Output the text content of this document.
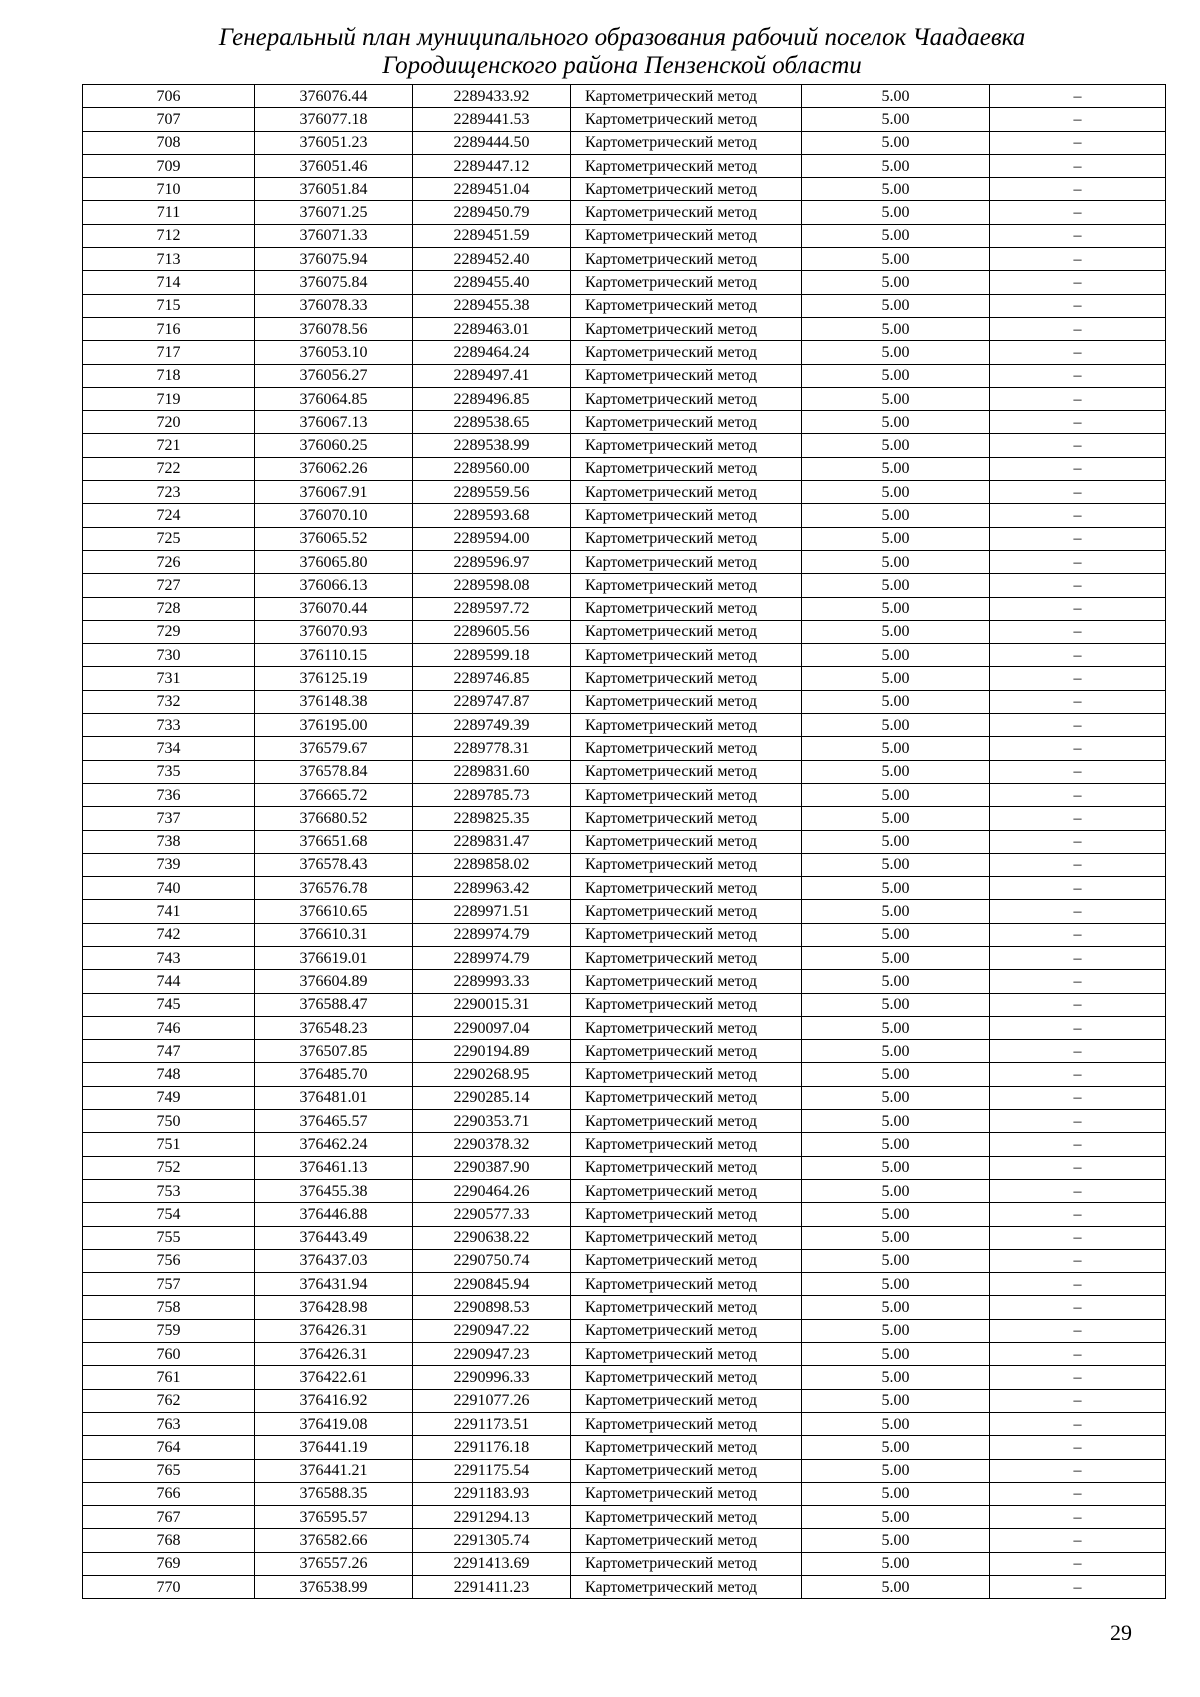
Генеральный план муниципального образования рабочий поселок Чаадаевка
Городищенского района Пензенской области
706	376076.44	2289433.92	Картометрический метод	5.00	–
707	376077.18	2289441.53	Картометрический метод	5.00	–
708	376051.23	2289444.50	Картометрический метод	5.00	–
709	376051.46	2289447.12	Картометрический метод	5.00	–
710	376051.84	2289451.04	Картометрический метод	5.00	–
711	376071.25	2289450.79	Картометрический метод	5.00	–
712	376071.33	2289451.59	Картометрический метод	5.00	–
713	376075.94	2289452.40	Картометрический метод	5.00	–
714	376075.84	2289455.40	Картометрический метод	5.00	–
715	376078.33	2289455.38	Картометрический метод	5.00	–
716	376078.56	2289463.01	Картометрический метод	5.00	–
717	376053.10	2289464.24	Картометрический метод	5.00	–
718	376056.27	2289497.41	Картометрический метод	5.00	–
719	376064.85	2289496.85	Картометрический метод	5.00	–
720	376067.13	2289538.65	Картометрический метод	5.00	–
721	376060.25	2289538.99	Картометрический метод	5.00	–
722	376062.26	2289560.00	Картометрический метод	5.00	–
723	376067.91	2289559.56	Картометрический метод	5.00	–
724	376070.10	2289593.68	Картометрический метод	5.00	–
725	376065.52	2289594.00	Картометрический метод	5.00	–
726	376065.80	2289596.97	Картометрический метод	5.00	–
727	376066.13	2289598.08	Картометрический метод	5.00	–
728	376070.44	2289597.72	Картометрический метод	5.00	–
729	376070.93	2289605.56	Картометрический метод	5.00	–
730	376110.15	2289599.18	Картометрический метод	5.00	–
731	376125.19	2289746.85	Картометрический метод	5.00	–
732	376148.38	2289747.87	Картометрический метод	5.00	–
733	376195.00	2289749.39	Картометрический метод	5.00	–
734	376579.67	2289778.31	Картометрический метод	5.00	–
735	376578.84	2289831.60	Картометрический метод	5.00	–
736	376665.72	2289785.73	Картометрический метод	5.00	–
737	376680.52	2289825.35	Картометрический метод	5.00	–
738	376651.68	2289831.47	Картометрический метод	5.00	–
739	376578.43	2289858.02	Картометрический метод	5.00	–
740	376576.78	2289963.42	Картометрический метод	5.00	–
741	376610.65	2289971.51	Картометрический метод	5.00	–
742	376610.31	2289974.79	Картометрический метод	5.00	–
743	376619.01	2289974.79	Картометрический метод	5.00	–
744	376604.89	2289993.33	Картометрический метод	5.00	–
745	376588.47	2290015.31	Картометрический метод	5.00	–
746	376548.23	2290097.04	Картометрический метод	5.00	–
747	376507.85	2290194.89	Картометрический метод	5.00	–
748	376485.70	2290268.95	Картометрический метод	5.00	–
749	376481.01	2290285.14	Картометрический метод	5.00	–
750	376465.57	2290353.71	Картометрический метод	5.00	–
751	376462.24	2290378.32	Картометрический метод	5.00	–
752	376461.13	2290387.90	Картометрический метод	5.00	–
753	376455.38	2290464.26	Картометрический метод	5.00	–
754	376446.88	2290577.33	Картометрический метод	5.00	–
755	376443.49	2290638.22	Картометрический метод	5.00	–
756	376437.03	2290750.74	Картометрический метод	5.00	–
757	376431.94	2290845.94	Картометрический метод	5.00	–
758	376428.98	2290898.53	Картометрический метод	5.00	–
759	376426.31	2290947.22	Картометрический метод	5.00	–
760	376426.31	2290947.23	Картометрический метод	5.00	–
761	376422.61	2290996.33	Картометрический метод	5.00	–
762	376416.92	2291077.26	Картометрический метод	5.00	–
763	376419.08	2291173.51	Картометрический метод	5.00	–
764	376441.19	2291176.18	Картометрический метод	5.00	–
765	376441.21	2291175.54	Картометрический метод	5.00	–
766	376588.35	2291183.93	Картометрический метод	5.00	–
767	376595.57	2291294.13	Картометрический метод	5.00	–
768	376582.66	2291305.74	Картометрический метод	5.00	–
769	376557.26	2291413.69	Картометрический метод	5.00	–
770	376538.99	2291411.23	Картометрический метод	5.00	–
29
